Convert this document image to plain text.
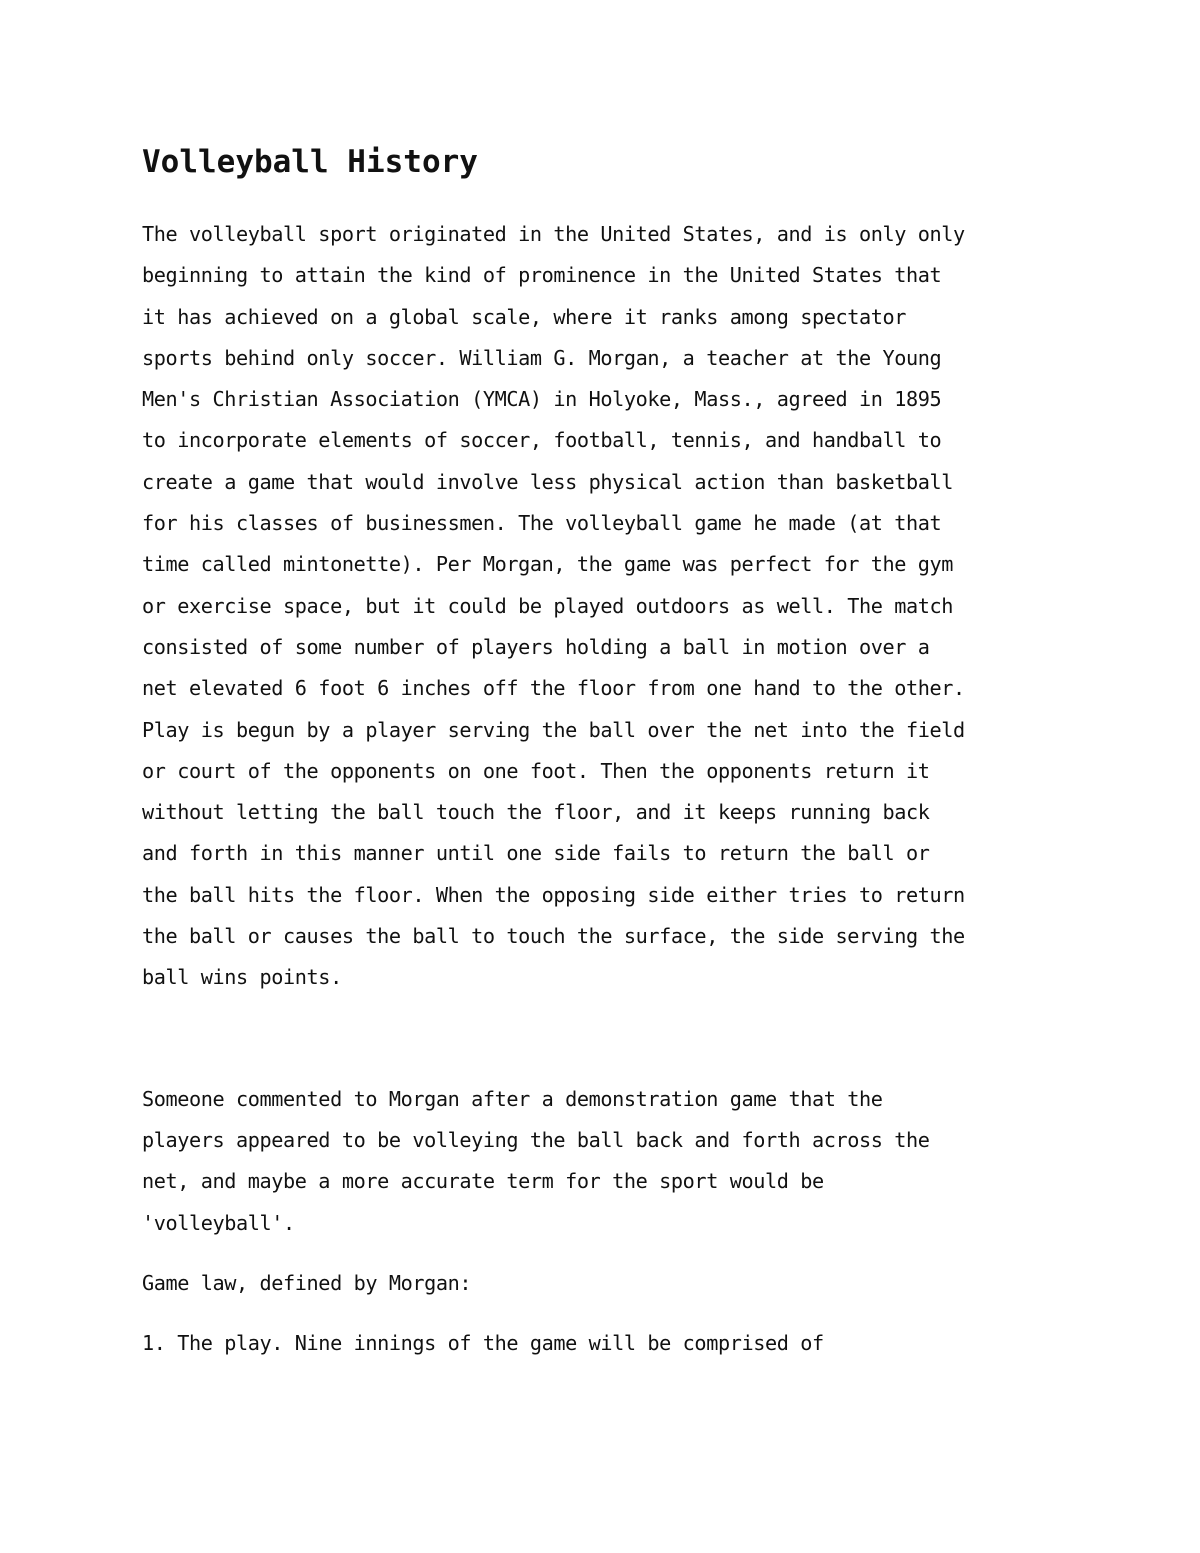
Volleyball History

The volleyball sport originated in the United States, and is only only
beginning to attain the kind of prominence in the United States that
it has achieved on a global scale, where it ranks among spectator
sports behind only soccer. William G. Morgan, a teacher at the Young
Men's Christian Association (YMCA) in Holyoke, Mass., agreed in 1895
to incorporate elements of soccer, football, tennis, and handball to
create a game that would involve less physical action than basketball
for his classes of businessmen. The volleyball game he made (at that
time called mintonette). Per Morgan, the game was perfect for the gym
or exercise space, but it could be played outdoors as well. The match
consisted of some number of players holding a ball in motion over a
net elevated 6 foot 6 inches off the floor from one hand to the other.
Play is begun by a player serving the ball over the net into the field
or court of the opponents on one foot. Then the opponents return it
without letting the ball touch the floor, and it keeps running back
and forth in this manner until one side fails to return the ball or
the ball hits the floor. When the opposing side either tries to return
the ball or causes the ball to touch the surface, the side serving the
ball wins points.

Someone commented to Morgan after a demonstration game that the
players appeared to be volleying the ball back and forth across the
net, and maybe a more accurate term for the sport would be
'volleyball'.

Game law, defined by Morgan:

1. The play. Nine innings of the game will be comprised of
